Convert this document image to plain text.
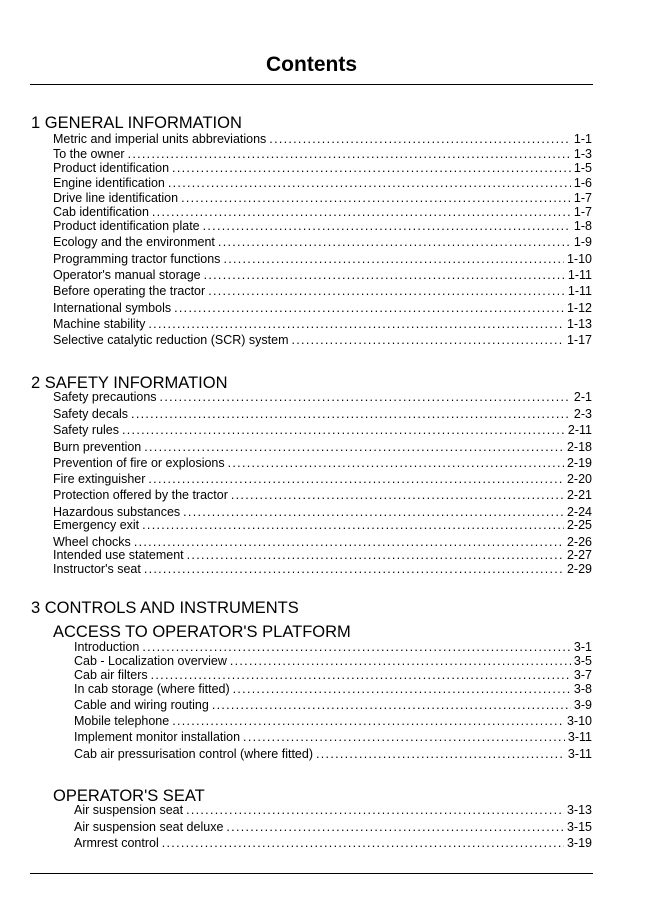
Contents
1 GENERAL INFORMATION
Metric and imperial units abbreviations .....	1-1
To the owner .....	1-3
Product identification .....	1-5
Engine identification .....	1-6
Drive line identification .....	1-7
Cab identification .....	1-7
Product identification plate .....	1-8
Ecology and the environment .....	1-9
Programming tractor functions .....	1-10
Operator's manual storage .....	1-11
Before operating the tractor .....	1-11
International symbols .....	1-12
Machine stability .....	1-13
Selective catalytic reduction (SCR) system .....	1-17
2 SAFETY INFORMATION
Safety precautions .....	2-1
Safety decals .....	2-3
Safety rules .....	2-11
Burn prevention .....	2-18
Prevention of fire or explosions .....	2-19
Fire extinguisher .....	2-20
Protection offered by the tractor .....	2-21
Hazardous substances .....	2-24
Emergency exit .....	2-25
Wheel chocks .....	2-26
Intended use statement .....	2-27
Instructor's seat .....	2-29
3 CONTROLS AND INSTRUMENTS
ACCESS TO OPERATOR'S PLATFORM
Introduction .....	3-1
Cab - Localization overview .....	3-5
Cab air filters .....	3-7
In cab storage (where fitted) .....	3-8
Cable and wiring routing .....	3-9
Mobile telephone .....	3-10
Implement monitor installation .....	3-11
Cab air pressurisation control (where fitted) .....	3-11
OPERATOR'S SEAT
Air suspension seat .....	3-13
Air suspension seat deluxe .....	3-15
Armrest control .....	3-19
